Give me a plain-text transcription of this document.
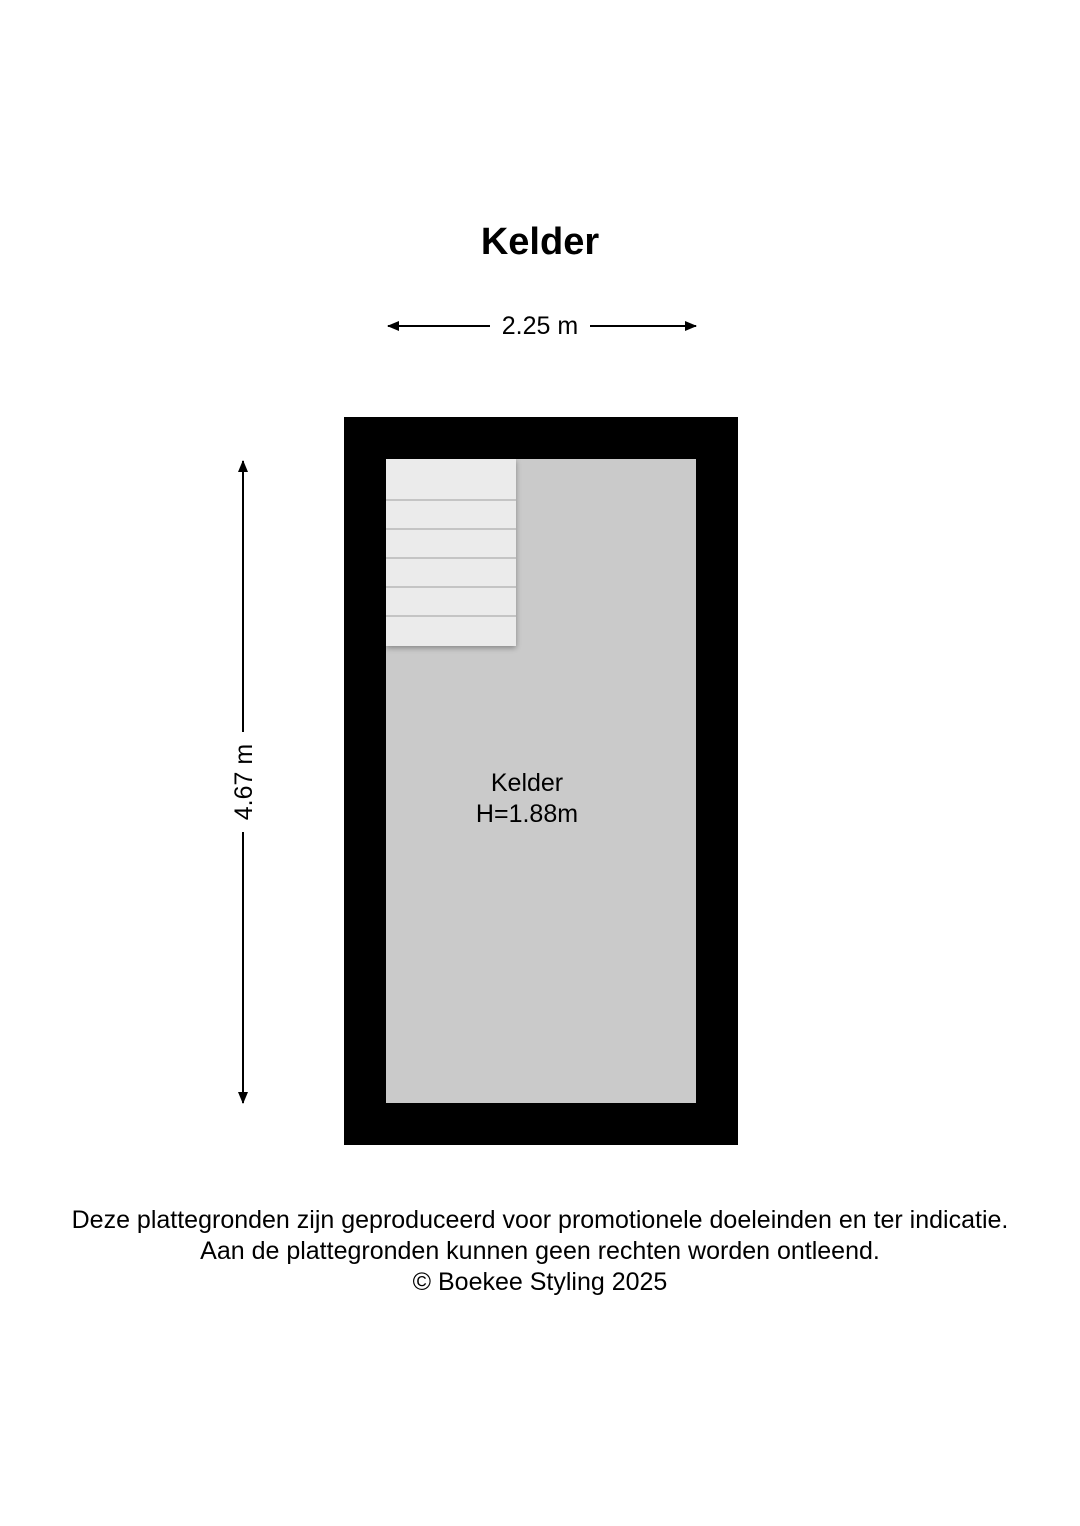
Kelder
2.25 m
4.67 m	Kelder
H=1.88m
Deze plattegronden zijn geproduceerd voor promotionele doeleinden en ter indicatie.
Aan de plattegronden kunnen geen rechten worden ontleend.
© Boekee Styling 2025
